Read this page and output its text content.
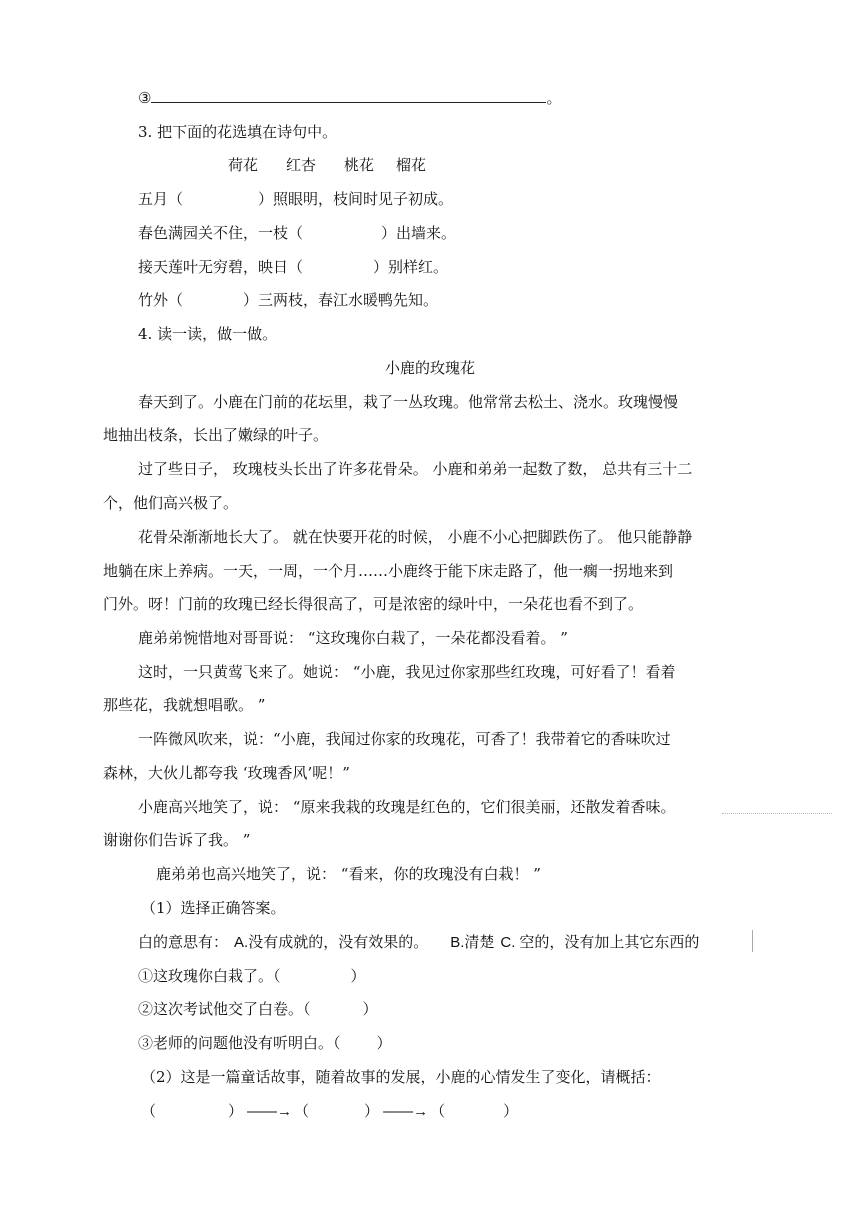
③	。
3. 把下面的花选填在诗句中。
荷花 红杏 桃花 榴花
五月（	）照眼明，枝间时见子初成。
春色满园关不住，一枝（	）出墙来。
接天莲叶无穷碧，映日（	）别样红。
竹外（	）三两枝，春江水暖鸭先知。
4. 读一读，做一做。
小鹿的玫瑰花
春天到了。小鹿在门前的花坛里，栽了一丛玫瑰。他常常去松土、浇水。玫瑰慢慢
地抽出枝条，长出了嫩绿的叶子。
过了些日子， 玫瑰枝头长出了许多花骨朵。 小鹿和弟弟一起数了数， 总共有三十二
个，他们高兴极了。
花骨朵渐渐地长大了。 就在快要开花的时候， 小鹿不小心把脚跌伤了。 他只能静静
地躺在床上养病。一天，一周，一个月……小鹿终于能下床走路了，他一瘸一拐地来到
门外。呀！门前的玫瑰已经长得很高了，可是浓密的绿叶中，一朵花也看不到了。
鹿弟弟惋惜地对哥哥说： “这玫瑰你白栽了，一朵花都没看着。 ”
这时，一只黄莺飞来了。她说： “小鹿，我见过你家那些红玫瑰，可好看了！看着
那些花，我就想唱歌。 ”
一阵微风吹来，说：“小鹿，我闻过你家的玫瑰花，可香了！我带着它的香味吹过
森林，大伙儿都夸我 ‘玫瑰香风’呢！”
小鹿高兴地笑了，说： “原来我栽的玫瑰是红色的，它们很美丽，还散发着香味。
谢谢你们告诉了我。 ”
鹿弟弟也高兴地笑了，说： “看来，你的玫瑰没有白栽！ ”
（1）选择正确答案。
白的意思有： A.没有成就的，没有效果的。 B.清楚 C. 空的，没有加上其它东西的
①这玫瑰你白栽了。（	）
②这次考试他交了白卷。（	）
③老师的问题他没有听明白。（ ）
（2）这是一篇童话故事，随着故事的发展，小鹿的心情发生了变化，请概括：
（	） ——→ （	） ——→ （	）
